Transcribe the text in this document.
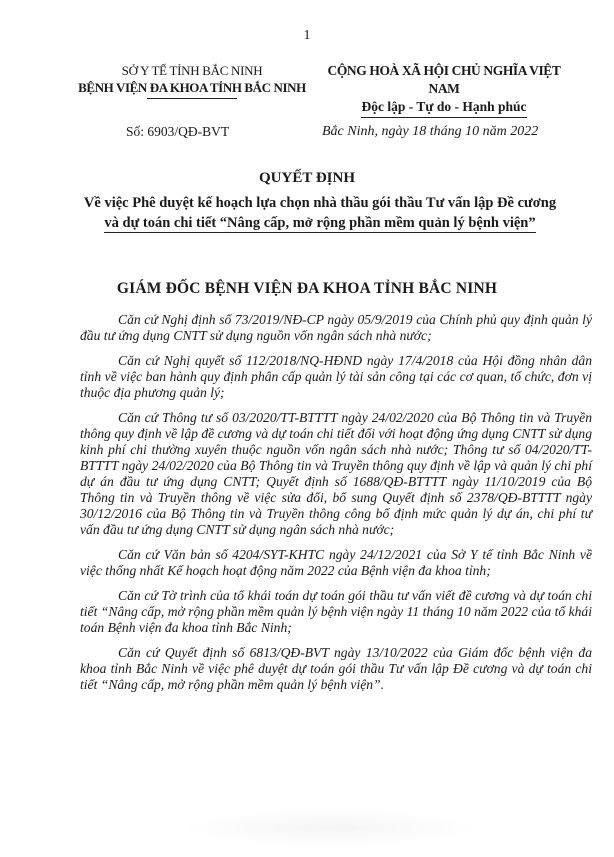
1
SỞ Y TẾ TỈNH BẮC NINH
BỆNH VIỆN ĐA KHOA TỈNH BẮC NINH
CỘNG HOÀ XÃ HỘI CHỦ NGHĨA VIỆT NAM
Độc lập - Tự do - Hạnh phúc
Số: 6903/QĐ-BVT	Bắc Ninh, ngày 18 tháng 10 năm 2022
QUYẾT ĐỊNH
Về việc Phê duyệt kế hoạch lựa chọn nhà thầu gói thầu Tư vấn lập Đề cương
và dự toán chi tiết “Nâng cấp, mở rộng phần mềm quản lý bệnh viện”
GIÁM ĐỐC BỆNH VIỆN ĐA KHOA TỈNH BẮC NINH

Căn cứ Nghị định số 73/2019/NĐ-CP ngày 05/9/2019 của Chính phủ quy định quản lý đầu tư ứng dụng CNTT sử dụng nguồn vốn ngân sách nhà nước;

Căn cứ Nghị quyết số 112/2018/NQ-HĐND ngày 17/4/2018 của Hội đồng nhân dân tỉnh về việc ban hành quy định phân cấp quản lý tài sản công tại các cơ quan, tổ chức, đơn vị thuộc địa phương quản lý;

Căn cứ Thông tư số 03/2020/TT-BTTTT ngày 24/02/2020 của Bộ Thông tin và Truyền thông quy định về lập đề cương và dự toán chi tiết đối với hoạt động ứng dụng CNTT sử dụng kinh phí chi thường xuyên thuộc nguồn vốn ngân sách nhà nước; Thông tư số 04/2020/TT-BTTTT ngày 24/02/2020 của Bộ Thông tin và Truyền thông quy định về lập và quản lý chi phí dự án đầu tư ứng dụng CNTT; Quyết định số 1688/QĐ-BTTTT ngày 11/10/2019 của Bộ Thông tin và Truyền thông về việc sửa đổi, bổ sung Quyết định số 2378/QĐ-BTTTT ngày 30/12/2016 của Bộ Thông tin và Truyền thông công bố định mức quản lý dự án, chi phí tư vấn đầu tư ứng dụng CNTT sử dụng ngân sách nhà nước;

Căn cứ Văn bản số 4204/SYT-KHTC ngày 24/12/2021 của Sở Y tế tỉnh Bắc Ninh về việc thống nhất Kế hoạch hoạt động năm 2022 của Bệnh viện đa khoa tỉnh;

Căn cứ Tờ trình của tổ khái toán dự toán gói thầu tư vấn viết đề cương và dự toán chi tiết “Nâng cấp, mở rộng phần mềm quản lý bệnh viện ngày 11 tháng 10 năm 2022 của tổ khái toán Bệnh viện đa khoa tỉnh Bắc Ninh;

Căn cứ Quyết định số 6813/QĐ-BVT ngày 13/10/2022 của Giám đốc bệnh viện đa khoa tỉnh Bắc Ninh về việc phê duyệt dự toán gói thầu Tư vấn lập Đề cương và dự toán chi tiết “Nâng cấp, mở rộng phần mềm quản lý bệnh viện”.
